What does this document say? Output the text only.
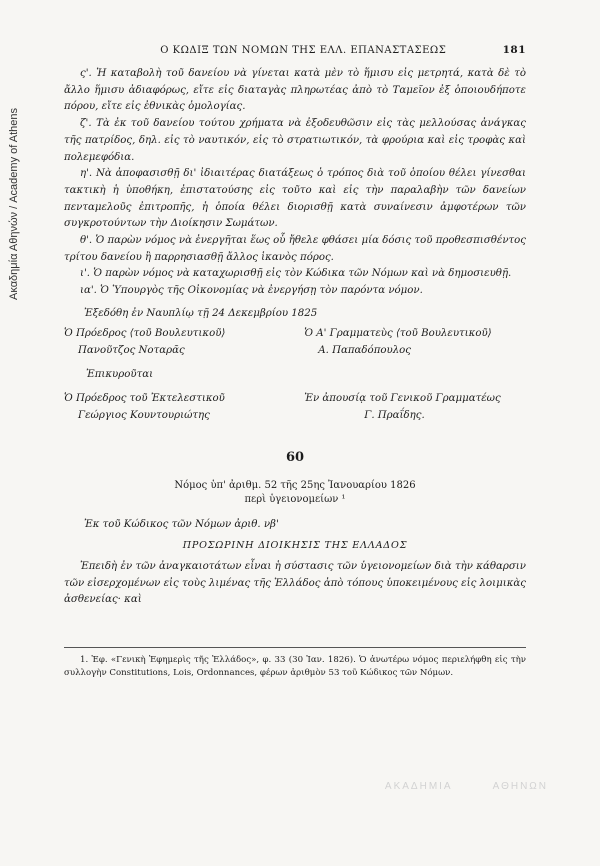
Ακαδημία Αθηνών / Academy of Athens
Ο ΚΩΔΙΞ ΤΩΝ ΝΟΜΩΝ ΤΗΣ ΕΛΛ. ΕΠΑΝΑΣΤΑΣΕΩΣ	181

ς'. Ἡ καταβολὴ τοῦ δανείου νὰ γίνεται κατὰ μὲν τὸ ἥμισυ εἰς μετρητά, κατὰ δὲ τὸ ἄλλο ἥμισυ ἀδιαφόρως, εἴτε εἰς διαταγὰς πληρωτέας ἀπὸ τὸ Ταμεῖον ἐξ ὁποιουδήποτε πόρου, εἴτε εἰς ἐθνικὰς ὁμολογίας.

ζ'. Τὰ ἐκ τοῦ δανείου τούτου χρήματα νὰ ἐξοδευθῶσιν εἰς τὰς μελλούσας ἀνάγκας τῆς πατρίδος, δηλ. εἰς τὸ ναυτικόν, εἰς τὸ στρατιωτικόν, τὰ φρούρια καὶ εἰς τροφὰς καὶ πολεμεφόδια.

η'. Νὰ ἀποφασισθῇ δι' ἰδιαιτέρας διατάξεως ὁ τρόπος διὰ τοῦ ὁποίου θέλει γίνεσθαι τακτικὴ ἡ ὑποθήκη, ἐπιστατούσης εἰς τοῦτο καὶ εἰς τὴν παραλαβὴν τῶν δανείων πενταμελοῦς ἐπιτροπῆς, ἡ ὁποία θέλει διορισθῇ κατὰ συναίνεσιν ἀμφοτέρων τῶν συγκροτούντων τὴν Διοίκησιν Σωμάτων.

θ'. Ὁ παρὼν νόμος νὰ ἐνεργῆται ἕως οὗ ἤθελε φθάσει μία δόσις τοῦ προθεσπισθέντος τρίτου δανείου ἢ παρρησιασθῇ ἄλλος ἱκανὸς πόρος.

ι'. Ὁ παρὼν νόμος νὰ καταχωρισθῇ εἰς τὸν Κώδικα τῶν Νόμων καὶ νὰ δημοσιευθῇ.

ια'. Ὁ Ὑπουργὸς τῆς Οἰκονομίας νὰ ἐνεργήσῃ τὸν παρόντα νόμον.

Ἐξεδόθη ἐν Ναυπλίῳ τῇ 24 Δεκεμβρίου 1825
Ὁ Πρόεδρος ⟨τοῦ Βουλευτικοῦ⟩
Πανοῦτζος Νοταρᾶς
Ὁ Α' Γραμματεὺς ⟨τοῦ Βουλευτικοῦ⟩
Α. Παπαδόπουλος
Ἐπικυροῦται
Ὁ Πρόεδρος τοῦ Ἐκτελεστικοῦ
Γεώργιος Κουντουριώτης
Ἐν ἀπουσίᾳ τοῦ Γενικοῦ Γραμματέως
Γ. Πραΐδης.
60
Νόμος ὑπ' ἀριθμ. 52 τῆς 25ης Ἰανουαρίου 1826
περὶ ὑγειονομείων ¹
Ἐκ τοῦ Κώδικος τῶν Νόμων ἀριθ. νβ'
ΠΡΟΣΩΡΙΝΗ ΔΙΟΙΚΗΣΙΣ ΤΗΣ ΕΛΛΑΔΟΣ

Ἐπειδὴ ἐν τῶν ἀναγκαιοτάτων εἶναι ἡ σύστασις τῶν ὑγειονομείων διὰ τὴν κάθαρσιν τῶν εἰσερχομένων εἰς τοὺς λιμένας τῆς Ἑλλάδος ἀπὸ τόπους ὑποκειμένους εἰς λοιμικὰς ἀσθενείας· καὶ

1. Ἐφ. «Γενικὴ Ἐφημερὶς τῆς Ἑλλάδος», φ. 33 (30 Ἰαν. 1826). Ὁ ἀνωτέρω νόμος περιελήφθη εἰς τὴν συλλογὴν Constitutions, Lois, Ordonnances, φέρων ἀριθμὸν 53 τοῦ Κώδικος τῶν Νόμων.

ΑΚΑΔΗΜΙΑ	ΑΘΗΝΩΝ
